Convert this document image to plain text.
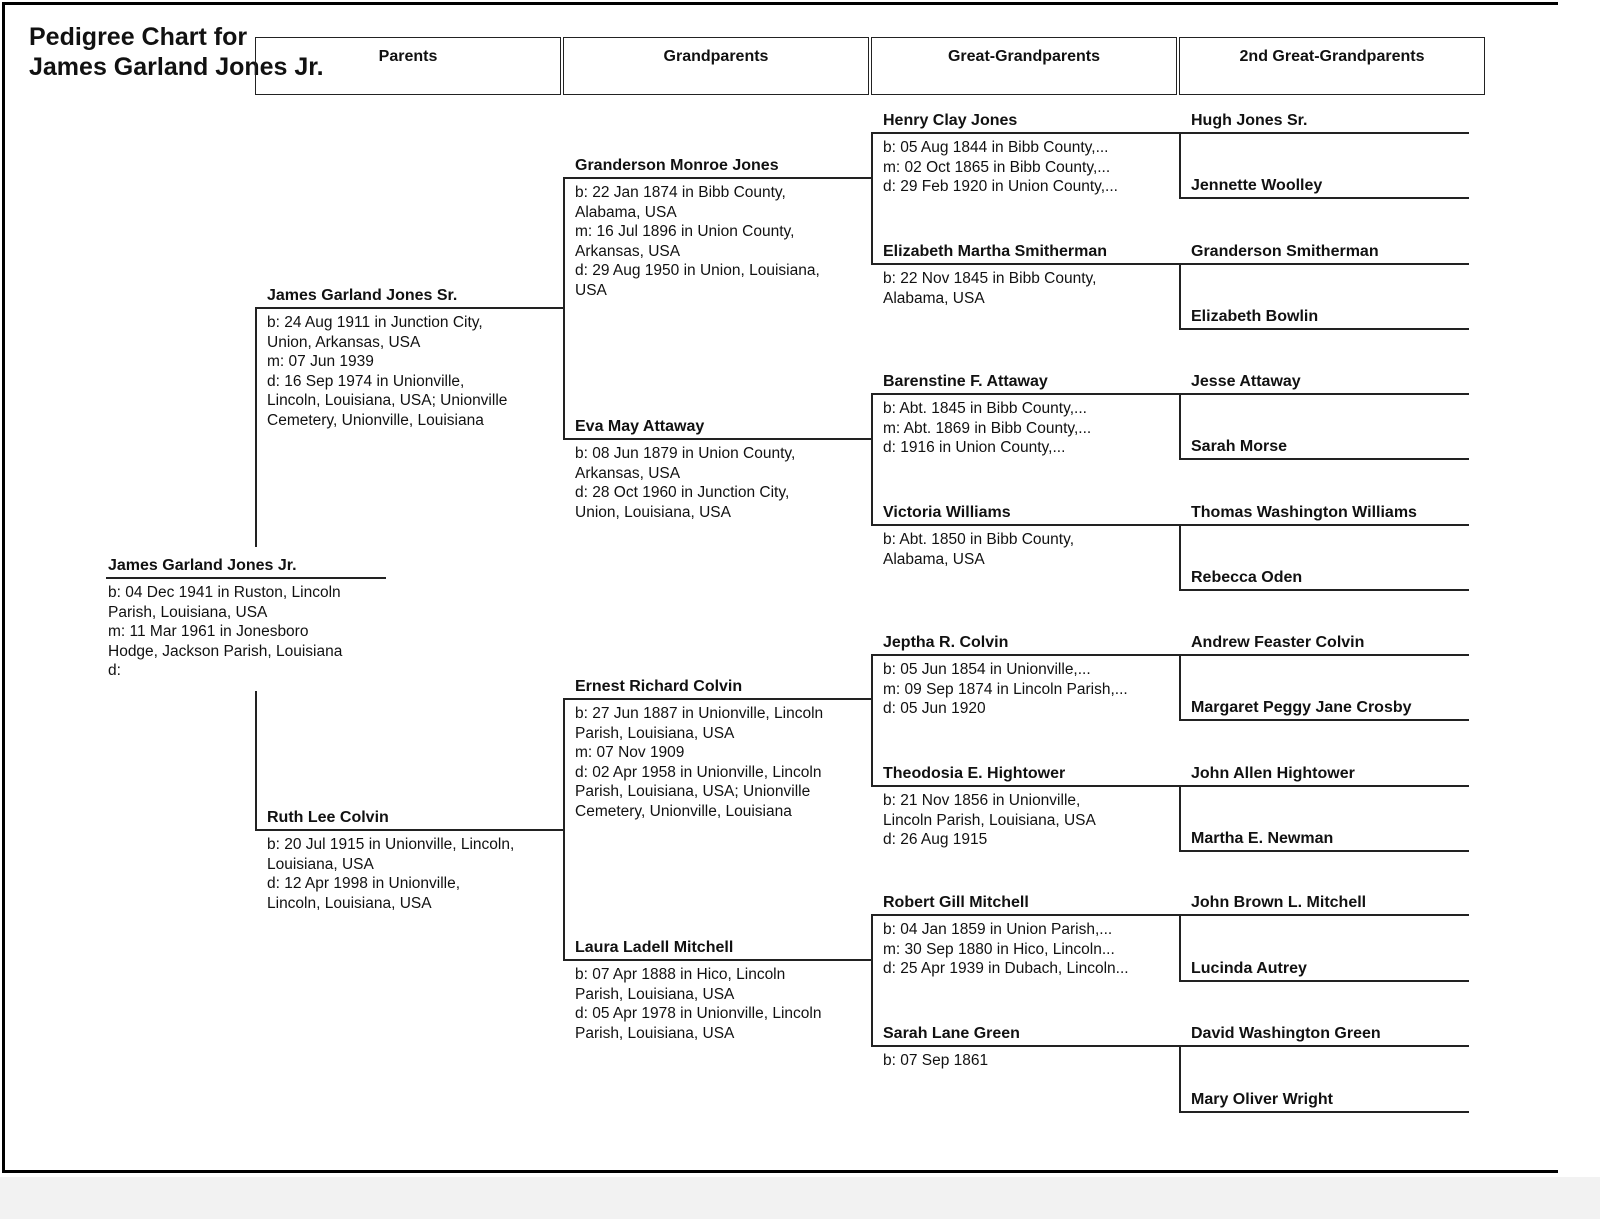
Pedigree Chart for
James Garland Jones Jr.	Parents	Grandparents	Great-Grandparents	2nd Great-Grandparents
James Garland Jones Jr.
b: 04 Dec 1941 in Ruston, Lincoln
Parish, Louisiana, USA
m: 11 Mar 1961 in Jonesboro
Hodge, Jackson Parish, Louisiana
d:
James Garland Jones Sr.
b: 24 Aug 1911 in Junction City,
Union, Arkansas, USA
m: 07 Jun 1939
d: 16 Sep 1974 in Unionville,
Lincoln, Louisiana, USA; Unionville
Cemetery, Unionville, Louisiana
Ruth Lee Colvin
b: 20 Jul 1915 in Unionville, Lincoln,
Louisiana, USA
d: 12 Apr 1998 in Unionville,
Lincoln, Louisiana, USA
Granderson Monroe Jones
b: 22 Jan 1874 in Bibb County,
Alabama, USA
m: 16 Jul 1896 in Union County,
Arkansas, USA
d: 29 Aug 1950 in Union, Louisiana,
USA
Eva May Attaway
b: 08 Jun 1879 in Union County,
Arkansas, USA
d: 28 Oct 1960 in Junction City,
Union, Louisiana, USA
Ernest Richard Colvin
b: 27 Jun 1887 in Unionville, Lincoln
Parish, Louisiana, USA
m: 07 Nov 1909
d: 02 Apr 1958 in Unionville, Lincoln
Parish, Louisiana, USA; Unionville
Cemetery, Unionville, Louisiana
Laura Ladell Mitchell
b: 07 Apr 1888 in Hico, Lincoln
Parish, Louisiana, USA
d: 05 Apr 1978 in Unionville, Lincoln
Parish, Louisiana, USA
Henry Clay Jones
b: 05 Aug 1844 in Bibb County,...
m: 02 Oct 1865 in Bibb County,...
d: 29 Feb 1920 in Union County,...
Elizabeth Martha Smitherman
b: 22 Nov 1845 in Bibb County,
Alabama, USA
Barenstine F. Attaway
b: Abt. 1845 in Bibb County,...
m: Abt. 1869 in Bibb County,...
d: 1916 in Union County,...
Victoria Williams
b: Abt. 1850 in Bibb County,
Alabama, USA
Jeptha R. Colvin
b: 05 Jun 1854 in Unionville,...
m: 09 Sep 1874 in Lincoln Parish,...
d: 05 Jun 1920
Theodosia E. Hightower
b: 21 Nov 1856 in Unionville,
Lincoln Parish, Louisiana, USA
d: 26 Aug 1915
Robert Gill Mitchell
b: 04 Jan 1859 in Union Parish,...
m: 30 Sep 1880 in Hico, Lincoln...
d: 25 Apr 1939 in Dubach, Lincoln...
Sarah Lane Green
b: 07 Sep 1861
Hugh Jones Sr.
Jennette Woolley
Granderson Smitherman
Elizabeth Bowlin
Jesse Attaway
Sarah Morse
Thomas Washington Williams
Rebecca Oden
Andrew Feaster Colvin
Margaret Peggy Jane Crosby
John Allen Hightower
Martha E. Newman
John Brown L. Mitchell
Lucinda Autrey
David Washington Green
Mary Oliver Wright
